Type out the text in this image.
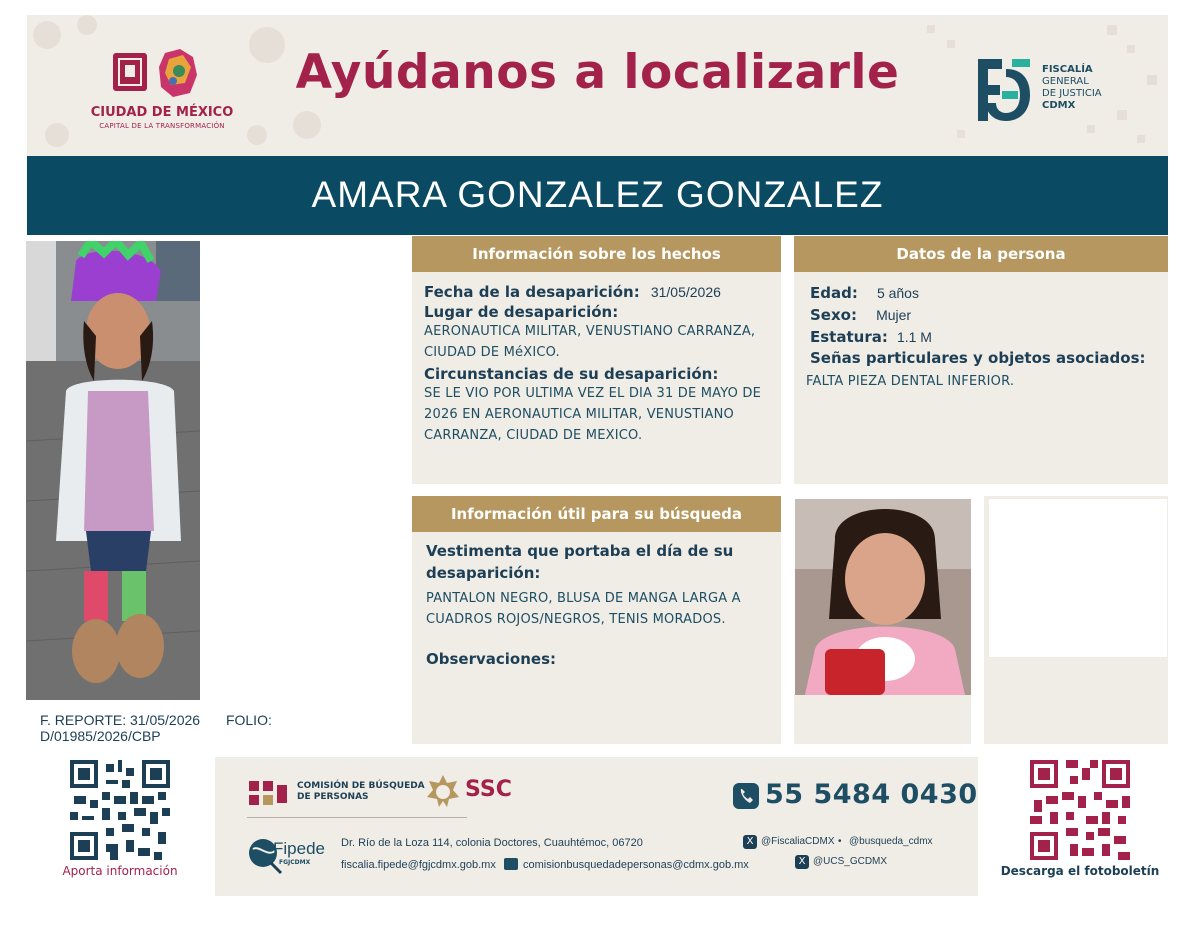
CIUDAD DE MÉXICO
CAPITAL DE LA TRANSFORMACIÓN
Ayúdanos a localizarle	FISCALÍA
GENERAL
DE JUSTICIA
CDMX
AMARA GONZALEZ GONZALEZ
F. REPORTE: 31/05/2026 FOLIO: D/01985/2026/CBP
Información sobre los hechos
Fecha de la desaparición: 31/05/2026
Lugar de desaparición:
AERONAUTICA MILITAR, VENUSTIANO CARRANZA, CIUDAD DE MéXICO.
Circunstancias de su desaparición:
SE LE VIO POR ULTIMA VEZ EL DIA 31 DE MAYO DE 2026 EN AERONAUTICA MILITAR, VENUSTIANO CARRANZA, CIUDAD DE MEXICO.
Datos de la persona
Edad: 5 años
Sexo: Mujer
Estatura: 1.1 M
Señas particulares y objetos asociados:
FALTA PIEZA DENTAL INFERIOR.
Información útil para su búsqueda
Vestimenta que portaba el día de su desaparición:
PANTALON NEGRO, BLUSA DE MANGA LARGA A CUADROS ROJOS/NEGROS, TENIS MORADOS.
Observaciones:
Aporta información
COMISIÓN DE BÚSQUEDA
DE PERSONAS	SSC	55 5484 0430
Fipede
FGJCDMX
Dr. Río de la Loza 114, colonia Doctores, Cuauhtémoc, 06720
fiscalia.fipede@fgjcdmx.gob.mx comisionbusquedadepersonas@cdmx.gob.mx
X @FiscaliaCDMX • @busqueda_cdmx
X @UCS_GCDMX
Descarga el fotoboletín
